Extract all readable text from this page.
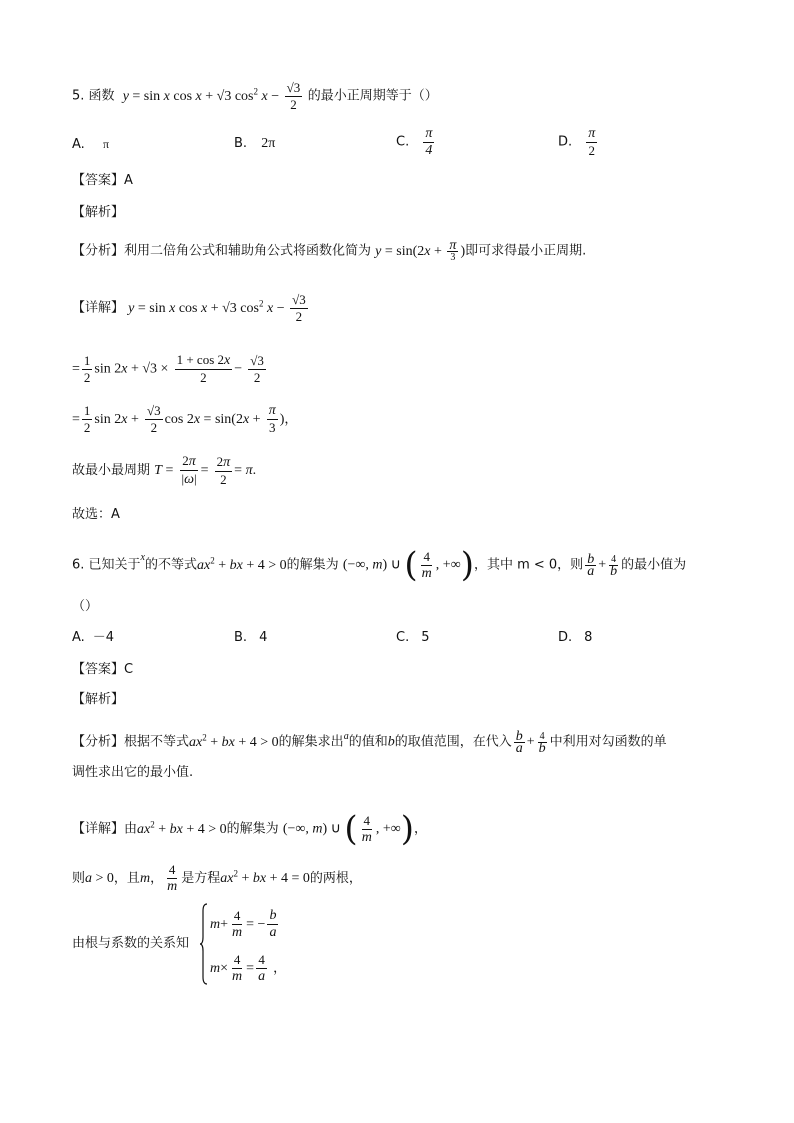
5. 函数 y = sin x cos x + √3 $\cos^2 x - \frac{√3}{2}$ 的最小正周期等于（）
A. π	B. 2π	C. $\frac{\pi}{4}$	D. $\frac{\pi}{2}$
【答案】A
【解析】
【分析】利用二倍角公式和辅助角公式将函数化简为 $y = \sin(2x + \frac{\pi}{3}$ )即可求得最小正周期.
【详解】 y = sin x cos x + √3 $\cos^2 x - \frac{√3}{2}$
= $\frac{1}{2}$ $\sin 2x + √3 \times \frac{1 + \cos 2x}{2} - \frac{√3}{2}$
= $\frac{1}{2}$ $\sin 2x + \frac{√3}{2}$ $\cos 2x = \sin(2x + \frac{\pi}{3}$ )，
故最小最周期 $T = \frac{2\pi}{|\omega|} = \frac{2\pi}{2} = \pi$.
故选：A
6. 已知关于$^x$的不等式$ax^2$ + bx + 4 > 0的解集为 (−∞, m) ∪ ( $\frac{4}{m}$ , +∞)，其中 m < 0，则 $\frac{b}{a} + \frac{4}{b}$ 的最小值为
（）
A. －4	B. 4	C. 5	D. 8
【答案】C
【解析】
【分析】根据不等式$ax^2$ + bx + 4 > 0的解集求出$^a$的值和b的取值范围，在代入 $\frac{b}{a} + \frac{4}{b}$ 中利用对勾函数的单
调性求出它的最小值.
【详解】由$ax^2$ + bx + 4 > 0的解集为 (−∞, m) ∪ ( $\frac{4}{m}$ , +∞)，
则a > 0，且m， $\frac{4}{m}$ 是方程$ax^2$ + bx + 4 = 0的两根，
由根与系数的关系知
$m+ \frac{4}{m}$ = − $\frac{b}{a}$
$m\times \frac{4}{m} = \frac{4}{a}$ ，
